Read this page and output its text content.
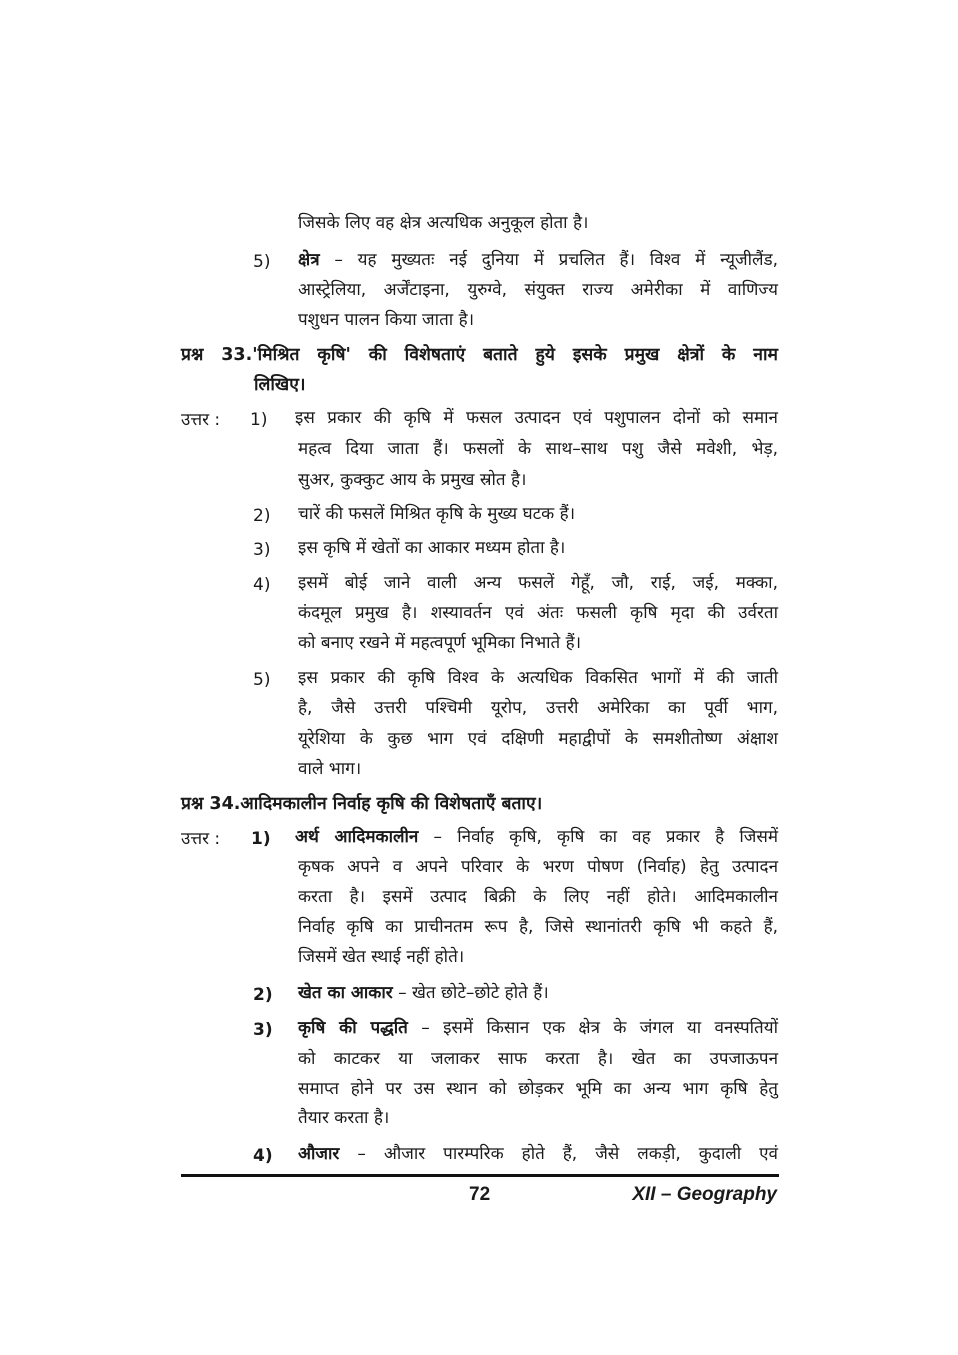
जिसके लिए वह क्षेत्र अत्यधिक अनुकूल होता है।
5) क्षेत्र – यह मुख्यतः नई दुनिया में प्रचलित हैं। विश्व में न्यूजीलैंड,
आस्ट्रेलिया, अर्जेंटाइना, युरुग्वे, संयुक्त राज्य अमेरीका में वाणिज्य
पशुधन पालन किया जाता है।
प्रश्न 33.'मिश्रित कृषि' की विशेषताएं बताते हुये इसके प्रमुख क्षेत्रों के नाम
लिखिए।
उत्तर : 1) इस प्रकार की कृषि में फसल उत्पादन एवं पशुपालन दोनों को समान
महत्व दिया जाता हैं। फसलों के साथ–साथ पशु जैसे मवेशी, भेड़,
सुअर, कुक्कुट आय के प्रमुख स्रोत है।
2) चारें की फसलें मिश्रित कृषि के मुख्य घटक हैं।
3) इस कृषि में खेतों का आकार मध्यम होता है।
4) इसमें बोई जाने वाली अन्य फसलें गेहूँ, जौ, राई, जई, मक्का,
कंदमूल प्रमुख है। शस्यावर्तन एवं अंतः फसली कृषि मृदा की उर्वरता
को बनाए रखने में महत्वपूर्ण भूमिका निभाते हैं।
5) इस प्रकार की कृषि विश्व के अत्यधिक विकसित भागों में की जाती
है, जैसे उत्तरी पश्चिमी यूरोप, उत्तरी अमेरिका का पूर्वी भाग,
यूरेशिया के कुछ भाग एवं दक्षिणी महाद्वीपों के समशीतोष्ण अंक्षाश
वाले भाग।
प्रश्न 34.आदिमकालीन निर्वाह कृषि की विशेषताएँ बताए।
उत्तर : 1) अर्थ आदिमकालीन – निर्वाह कृषि, कृषि का वह प्रकार है जिसमें
कृषक अपने व अपने परिवार के भरण पोषण (निर्वाह) हेतु उत्पादन
करता है। इसमें उत्पाद बिक्री के लिए नहीं होते। आदिमकालीन
निर्वाह कृषि का प्राचीनतम रूप है, जिसे स्थानांतरी कृषि भी कहते हैं,
जिसमें खेत स्थाई नहीं होते।
2) खेत का आकार – खेत छोटे–छोटे होते हैं।
3) कृषि की पद्धति – इसमें किसान एक क्षेत्र के जंगल या वनस्पतियों
को काटकर या जलाकर साफ करता है। खेत का उपजाऊपन
समाप्त होने पर उस स्थान को छोड़कर भूमि का अन्य भाग कृषि हेतु
तैयार करता है।
4) औजार – औजार पारम्परिक होते हैं, जैसे लकड़ी, कुदाली एवं
72	XII – Geography
